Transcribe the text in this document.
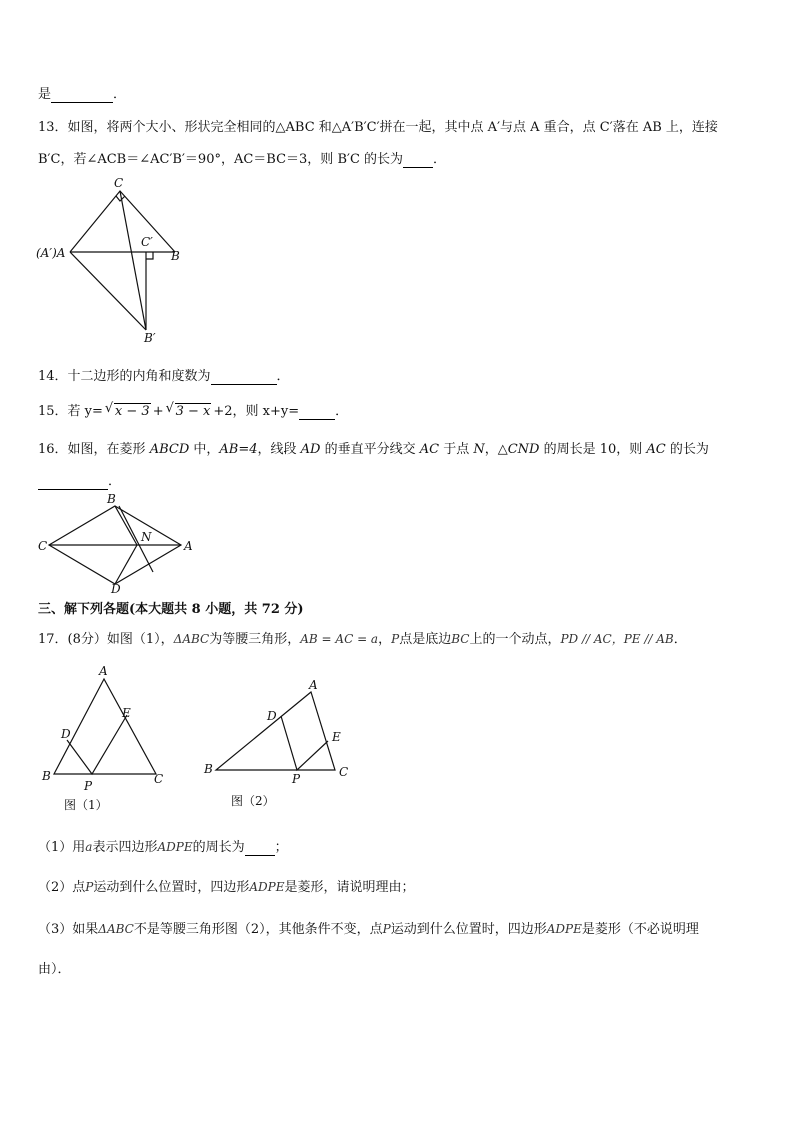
是	．
13．如图，将两个大小、形状完全相同的△ABC 和△A′B′C′拼在一起，其中点 A′与点 A 重合，点 C′落在 AB 上，连接
B′C，若∠ACB＝∠AC′B′＝90°，AC＝BC＝3，则 B′C 的长为 ．
C
C′
(A′)A	B
B′
14．十二边形的内角和度数为	．
15．若 y= √ x − 3 + √ 3 − x +2，则 x+y=	．
16．如图，在菱形 ABCD 中，AB=4，线段 AD 的垂直平分线交 AC 于点 N，△CND 的周长是 10，则 AC 的长为
．
B
C
N
A
D
三、解下列各题(本大题共 8 小题，共 72 分)
17．(8分）如图（1），ΔABC为等腰三角形，AB = AC = a，P点是底边BC上的一个动点，PD // AC，PE // AB．
A
D
E
B
P	C
图（1）
A
D
E
B
P	C
图（2）
（1）用a表示四边形ADPE的周长为 ；
（2）点P运动到什么位置时，四边形ADPE是菱形，请说明理由；
（3）如果ΔABC不是等腰三角形图（2），其他条件不变，点P运动到什么位置时，四边形ADPE是菱形（不必说明理
由）．
